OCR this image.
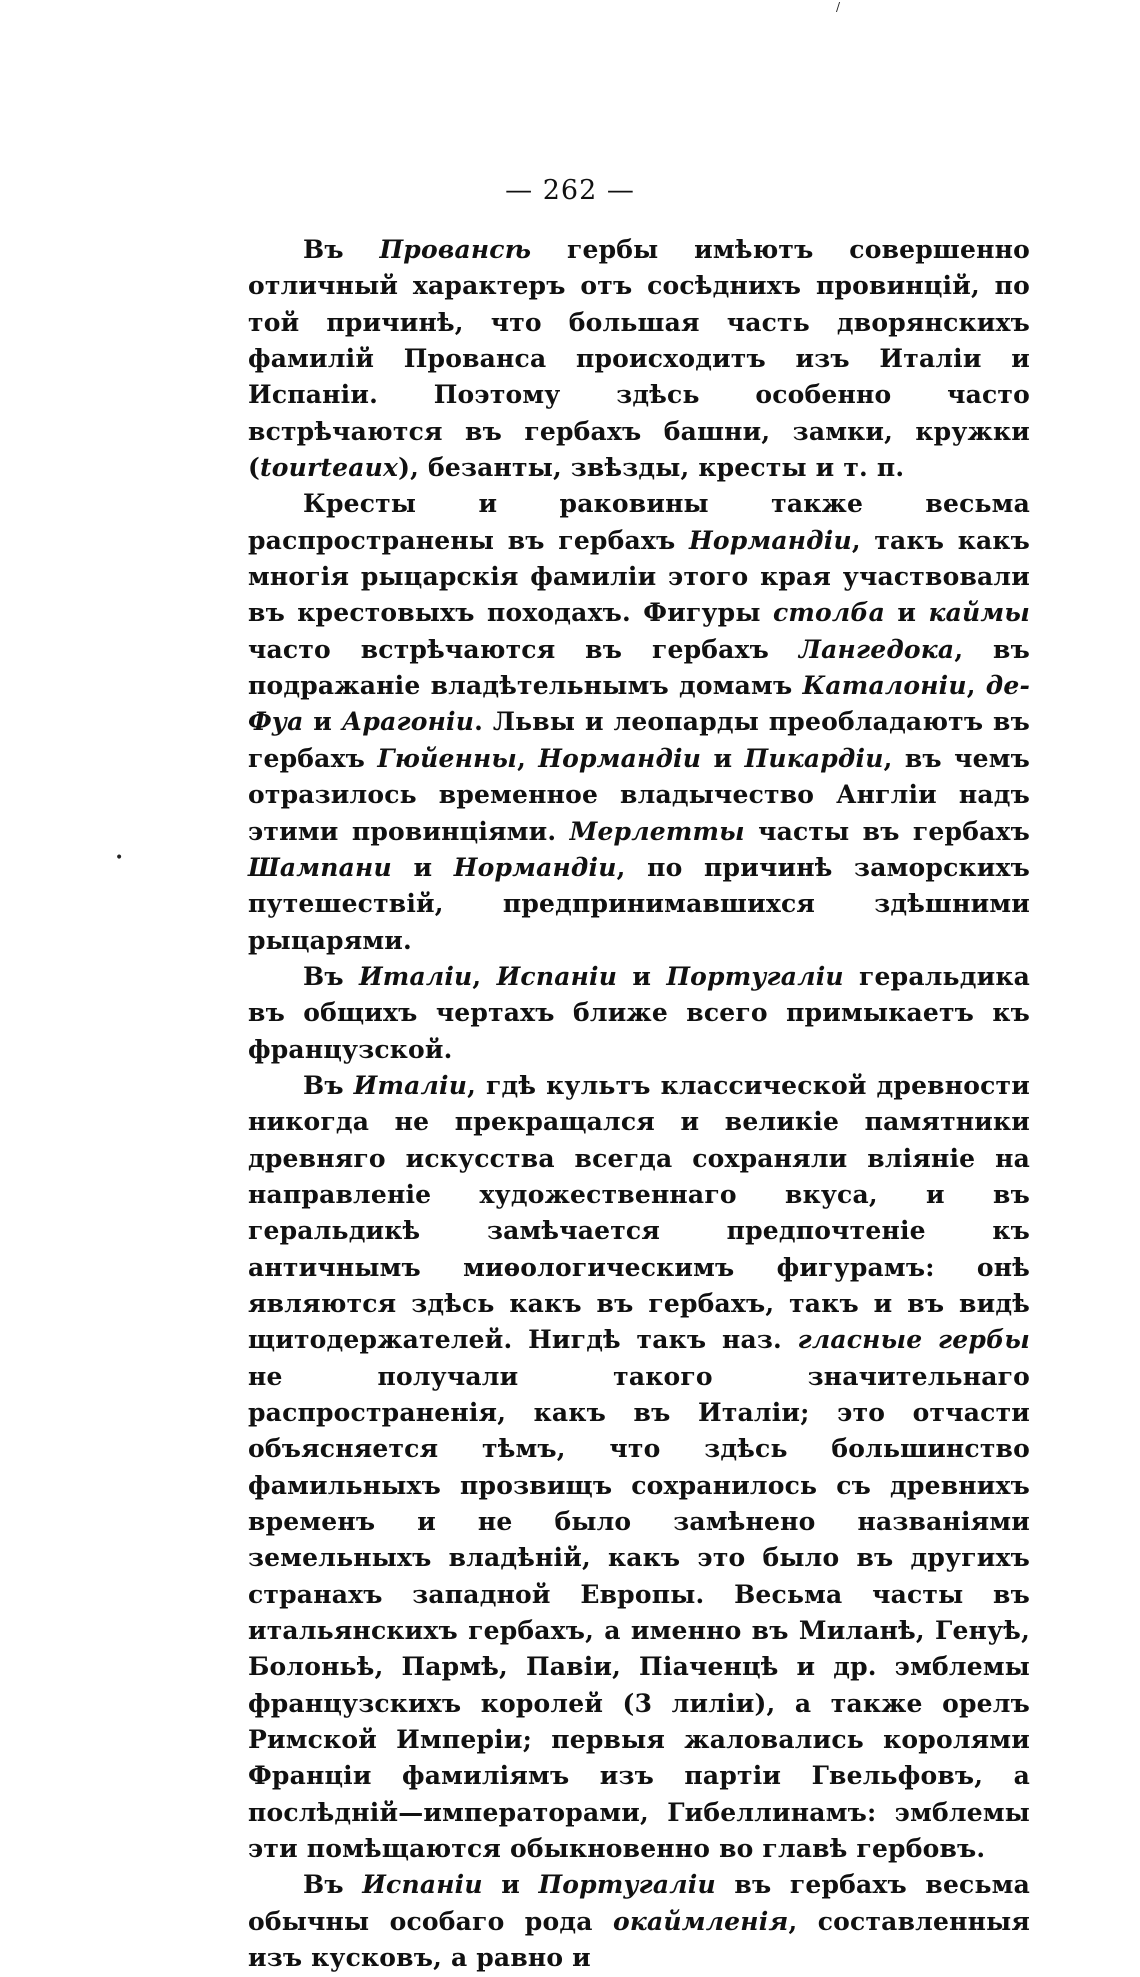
/
•
— 262 —

Въ Провансѣ гербы имѣютъ совершенно отличный характеръ отъ сосѣднихъ провинцій, по той причинѣ, что большая часть дворянскихъ фамилій Прованса происходитъ изъ Италіи и Испаніи. Поэтому здѣсь особенно часто встрѣчаются въ гербахъ башни, замки, кружки (tourteaux), безанты, звѣзды, кресты и т. п.

Кресты и раковины также весьма распространены въ гербахъ Нормандіи, такъ какъ многія рыцарскія фамиліи этого края участвовали въ крестовыхъ походахъ. Фигуры столба и каймы часто встрѣчаются въ гербахъ Лангедока, въ подражаніе владѣтельнымъ домамъ Каталоніи, де-Фуа и Арагоніи. Львы и леопарды преобладаютъ въ гербахъ Гюйенны, Нормандіи и Пикардіи, въ чемъ отразилось временное владычество Англіи надъ этими провинціями. Мерлетты часты въ гербахъ Шампани и Нормандіи, по причинѣ заморскихъ путешествій, предпринимавшихся здѣшними рыцарями.

Въ Италіи, Испаніи и Португаліи геральдика въ общихъ чертахъ ближе всего примыкаетъ къ французской.

Въ Италіи, гдѣ культъ классической древности никогда не прекращался и великіе памятники древняго искусства всегда сохраняли вліяніе на направленіе художественнаго вкуса, и въ геральдикѣ замѣчается предпочтеніе къ античнымъ миѳологическимъ фигурамъ: онѣ являются здѣсь какъ въ гербахъ, такъ и въ видѣ щитодержателей. Нигдѣ такъ наз. гласные гербы не получали такого значительнаго распространенія, какъ въ Италіи; это отчасти объясняется тѣмъ, что здѣсь большинство фамильныхъ прозвищъ сохранилось съ древнихъ временъ и не было замѣнено названіями земельныхъ владѣній, какъ это было въ другихъ странахъ западной Европы. Весьма часты въ итальянскихъ гербахъ, а именно въ Миланѣ, Генуѣ, Болоньѣ, Пармѣ, Павіи, Піаченцѣ и др. эмблемы французскихъ королей (3 лиліи), а также орелъ Римской Имперіи; первыя жаловались королями Франціи фамиліямъ изъ партіи Гвельфовъ, а послѣдній—императорами, Гибеллинамъ: эмблемы эти помѣщаются обыкновенно во главѣ гербовъ.

Въ Испаніи и Португаліи въ гербахъ весьма обычны особаго рода окаймленія, составленныя изъ кусковъ, а равно и
